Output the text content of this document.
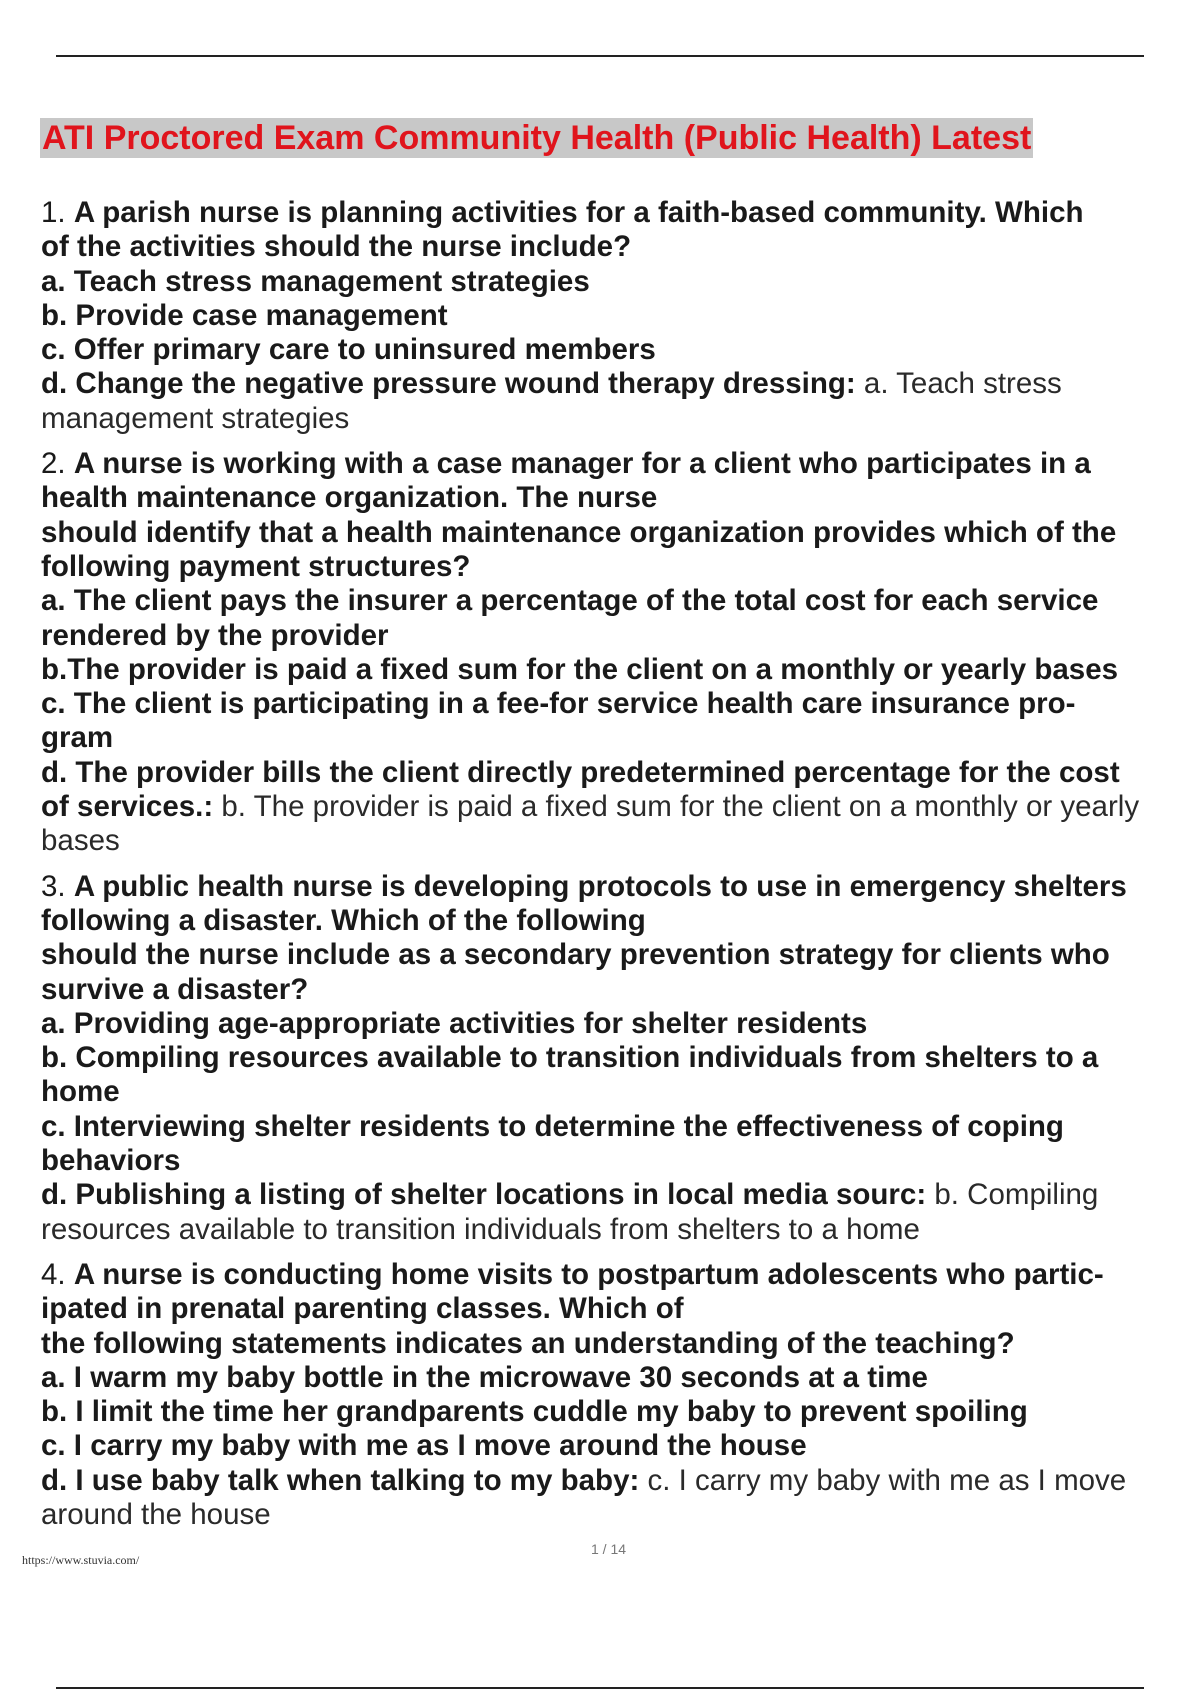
ATI Proctored Exam Community Health (Public Health) Latest
1. A parish nurse is planning activities for a faith-based community. Which
of the activities should the nurse include?
a. Teach stress management strategies
b. Provide case management
c. Offer primary care to uninsured members
d. Change the negative pressure wound therapy dressing: a. Teach stress
management strategies
2. A nurse is working with a case manager for a client who participates in a
health maintenance organization. The nurse
should identify that a health maintenance organization provides which of the
following payment structures?
a. The client pays the insurer a percentage of the total cost for each service
rendered by the provider
b.The provider is paid a fixed sum for the client on a monthly or yearly bases
c. The client is participating in a fee-for service health care insurance pro-
gram
d. The provider bills the client directly predetermined percentage for the cost
of services.: b. The provider is paid a fixed sum for the client on a monthly or yearly
bases
3. A public health nurse is developing protocols to use in emergency shelters
following a disaster. Which of the following
should the nurse include as a secondary prevention strategy for clients who
survive a disaster?
a. Providing age-appropriate activities for shelter residents
b. Compiling resources available to transition individuals from shelters to a
home
c. Interviewing shelter residents to determine the effectiveness of coping
behaviors
d. Publishing a listing of shelter locations in local media sourc: b. Compiling
resources available to transition individuals from shelters to a home
4. A nurse is conducting home visits to postpartum adolescents who partic-
ipated in prenatal parenting classes. Which of
the following statements indicates an understanding of the teaching?
a. I warm my baby bottle in the microwave 30 seconds at a time
b. I limit the time her grandparents cuddle my baby to prevent spoiling
c. I carry my baby with me as I move around the house
d. I use baby talk when talking to my baby: c. I carry my baby with me as I move
around the house
1 / 14
https://www.stuvia.com/
